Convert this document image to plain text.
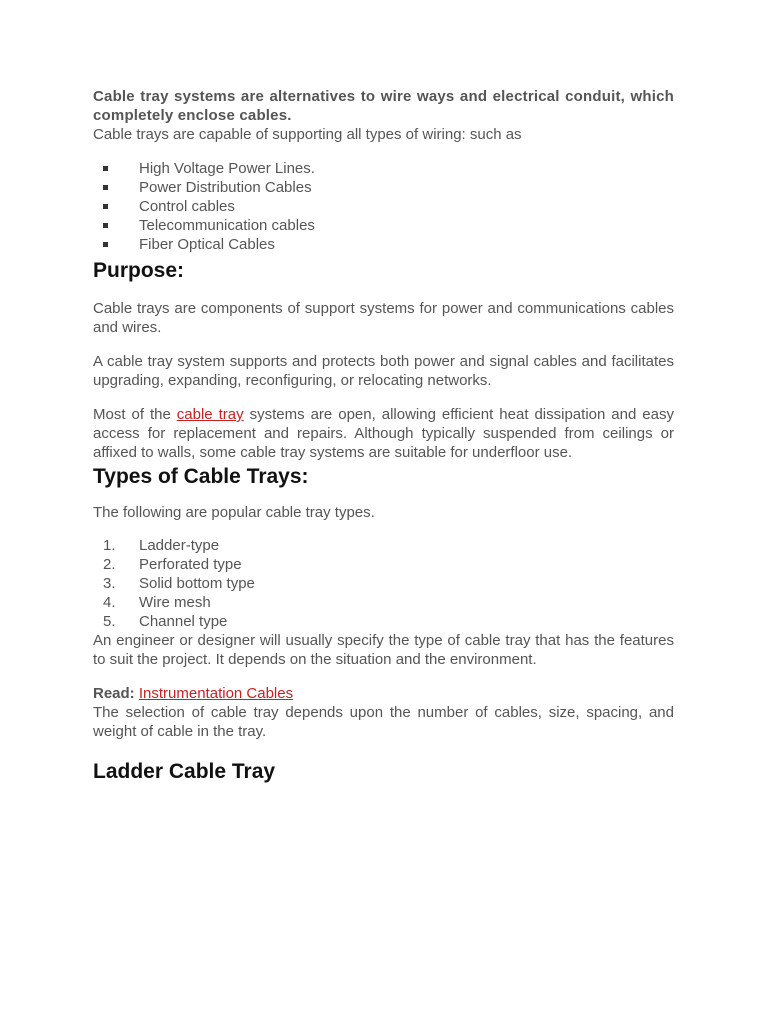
Cable tray systems are alternatives to wire ways and electrical conduit, which completely enclose cables.

Cable trays are capable of supporting all types of wiring: such as

High Voltage Power Lines.
Power Distribution Cables
Control cables
Telecommunication cables
Fiber Optical Cables
Purpose:

Cable trays are components of support systems for power and communications cables and wires.

A cable tray system supports and protects both power and signal cables and facilitates upgrading, expanding, reconfiguring, or relocating networks.

Most of the cable tray systems are open, allowing efficient heat dissipation and easy access for replacement and repairs. Although typically suspended from ceilings or affixed to walls, some cable tray systems are suitable for underfloor use.

Types of Cable Trays:

The following are popular cable tray types.

1.	Ladder-type
2.	Perforated type
3.	Solid bottom type
4.	Wire mesh
5.	Channel type

An engineer or designer will usually specify the type of cable tray that has the features to suit the project. It depends on the situation and the environment.

Read: Instrumentation Cables

The selection of cable tray depends upon the number of cables, size, spacing, and weight of cable in the tray.

Ladder Cable Tray
